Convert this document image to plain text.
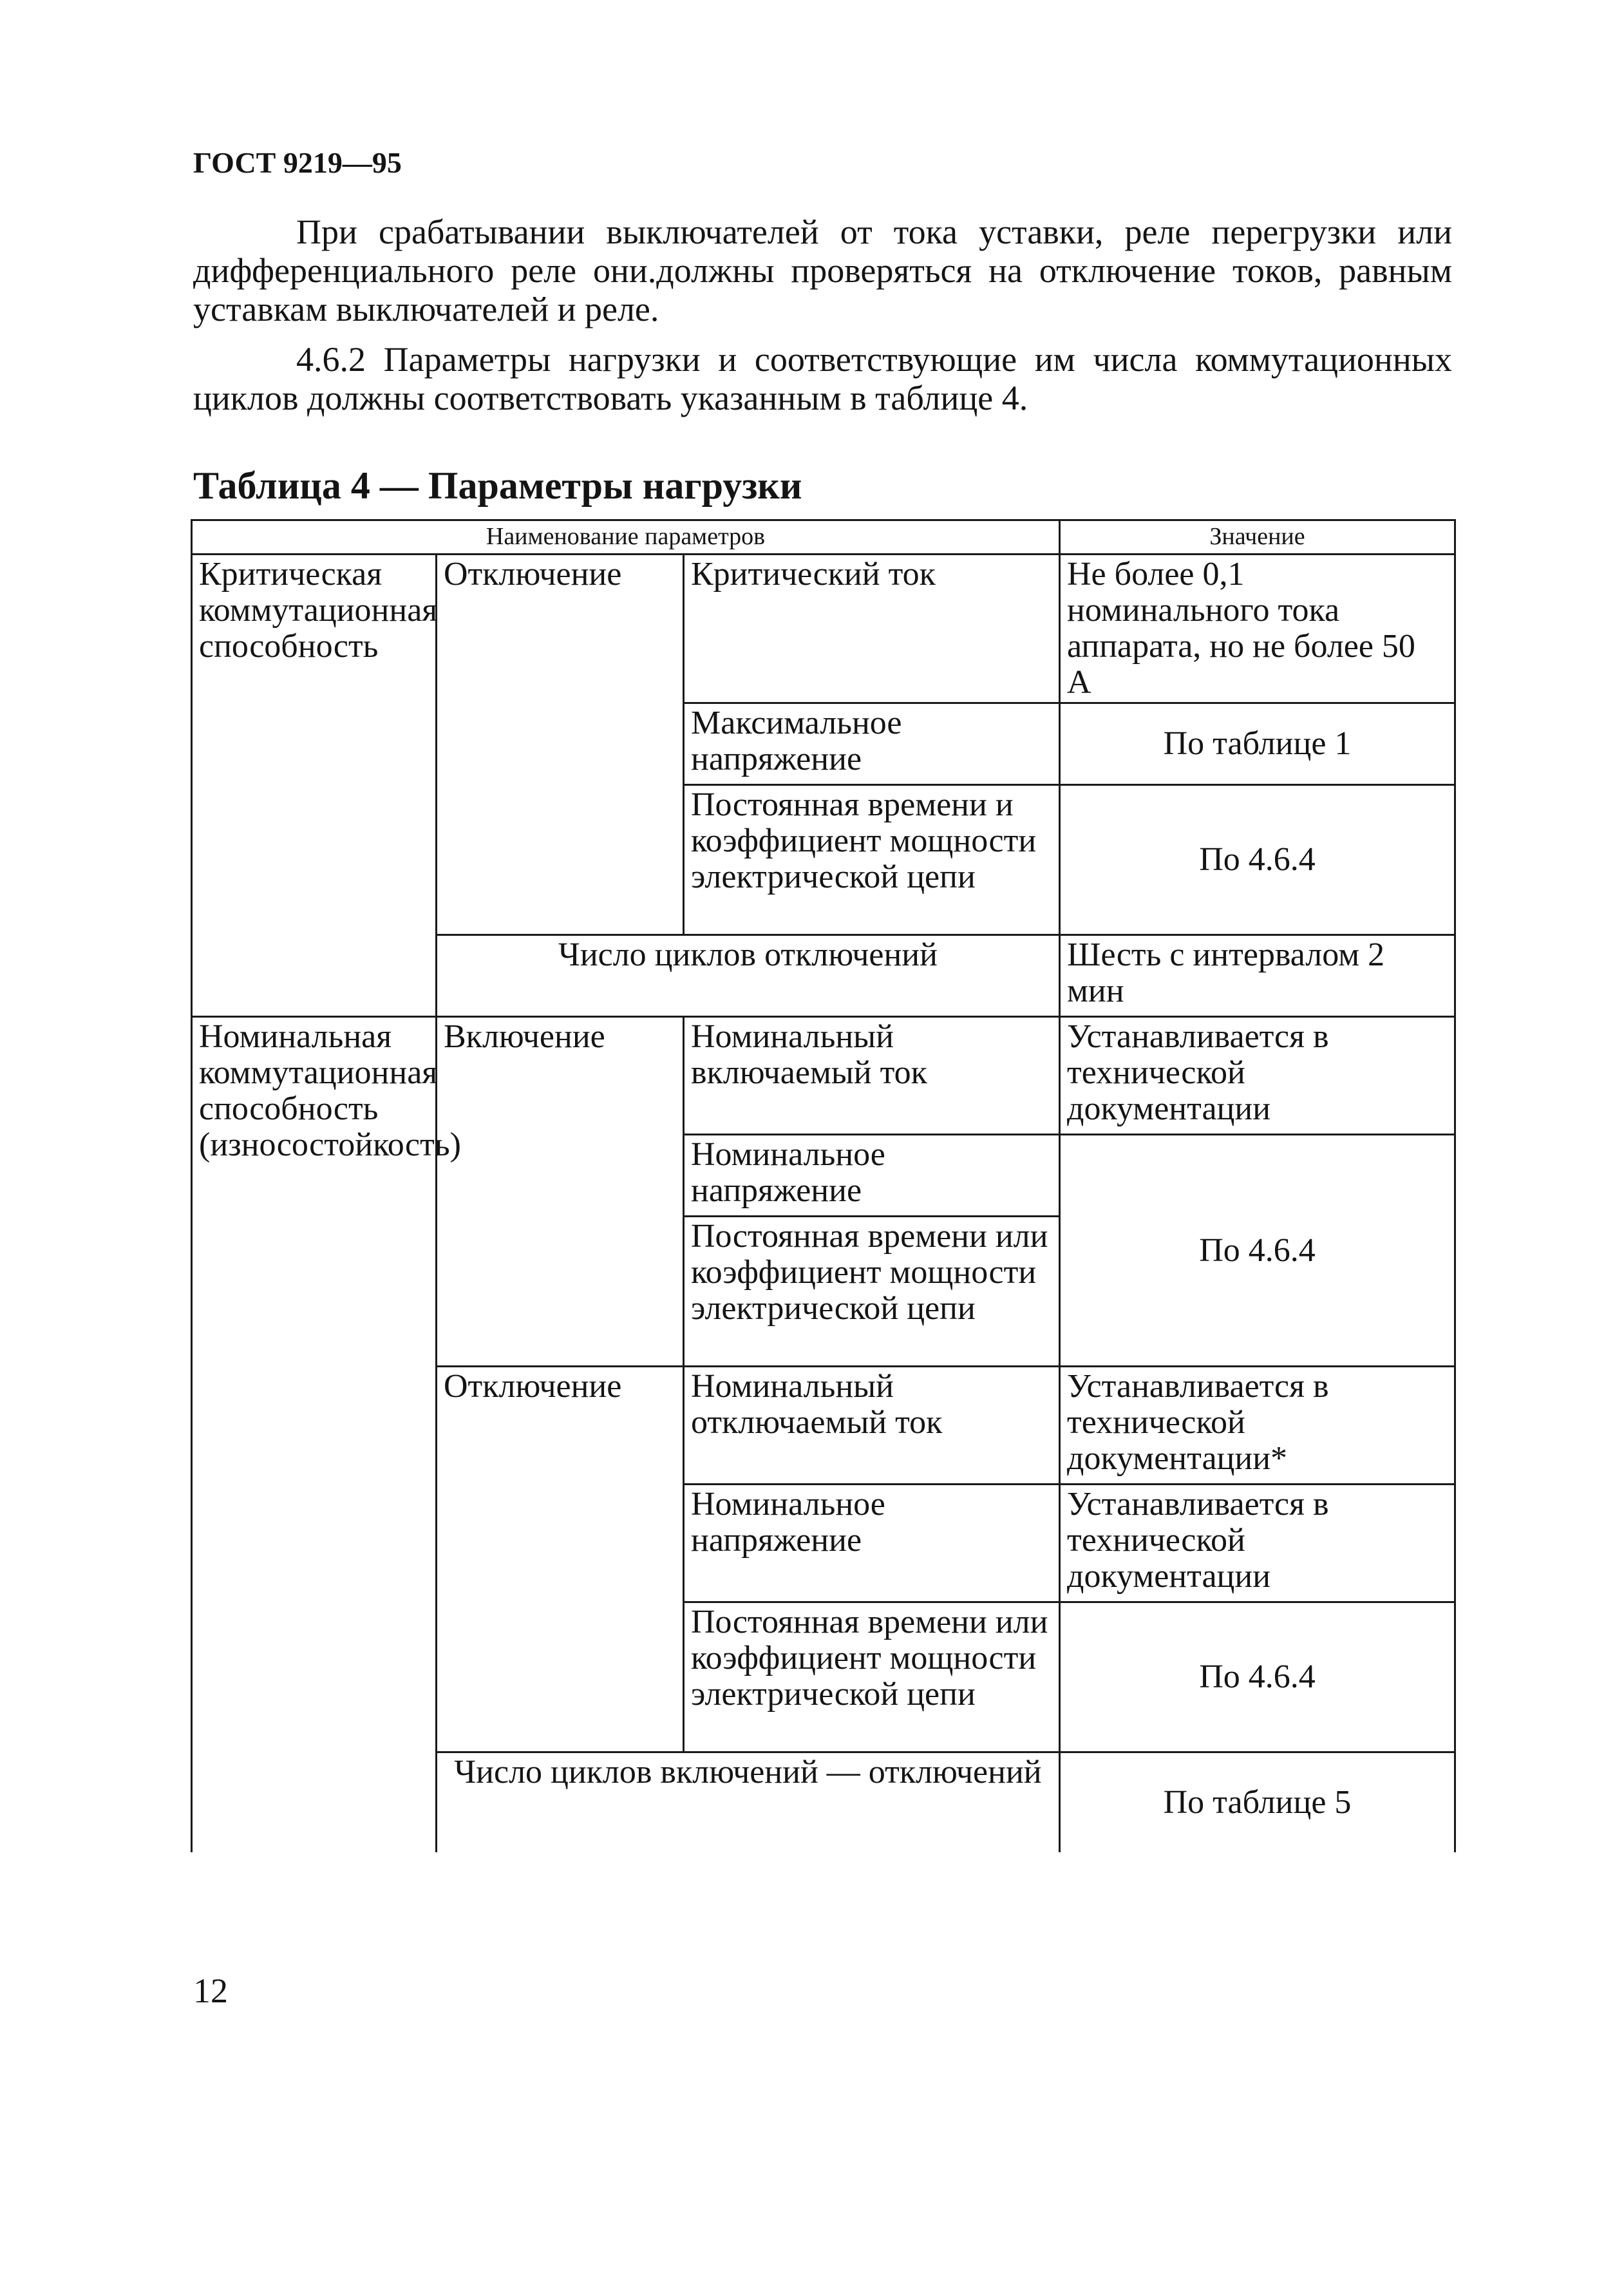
ГОСТ 9219—95

При срабатывании выключателей от тока уставки, реле перегрузки или дифференциального реле они.должны проверяться на отключение токов, равным уставкам выключателей и реле.

4.6.2 Параметры нагрузки и соответствующие им числа коммутационных циклов должны соответствовать указанным в таблице 4.

Таблица 4 — Параметры нагрузки
Наименование параметров			Значение
Критическая коммутационная способность	Отключение	Критический ток	Не более 0,1 номинального тока аппарата, но не более 50 А
		Максимальное напряжение	По таблице 1
		Постоянная времени и коэффициент мощности электрической цепи	По 4.6.4
	Число циклов отключений		Шесть с интервалом 2 мин
Номинальная коммутационная способность (износостойкость)	Включение	Номинальный включаемый ток	Устанавливается в технической документации
		Номинальное напряжение	По 4.6.4
		Постоянная времени или коэффициент мощности электрической цепи	
	Отключение	Номинальный отключаемый ток	Устанавливается в технической документации*
		Номинальное напряжение	Устанавливается в технической документации
		Постоянная времени или коэффициент мощности электрической цепи	По 4.6.4
	Число циклов включений — отключений		По таблице 5
12
